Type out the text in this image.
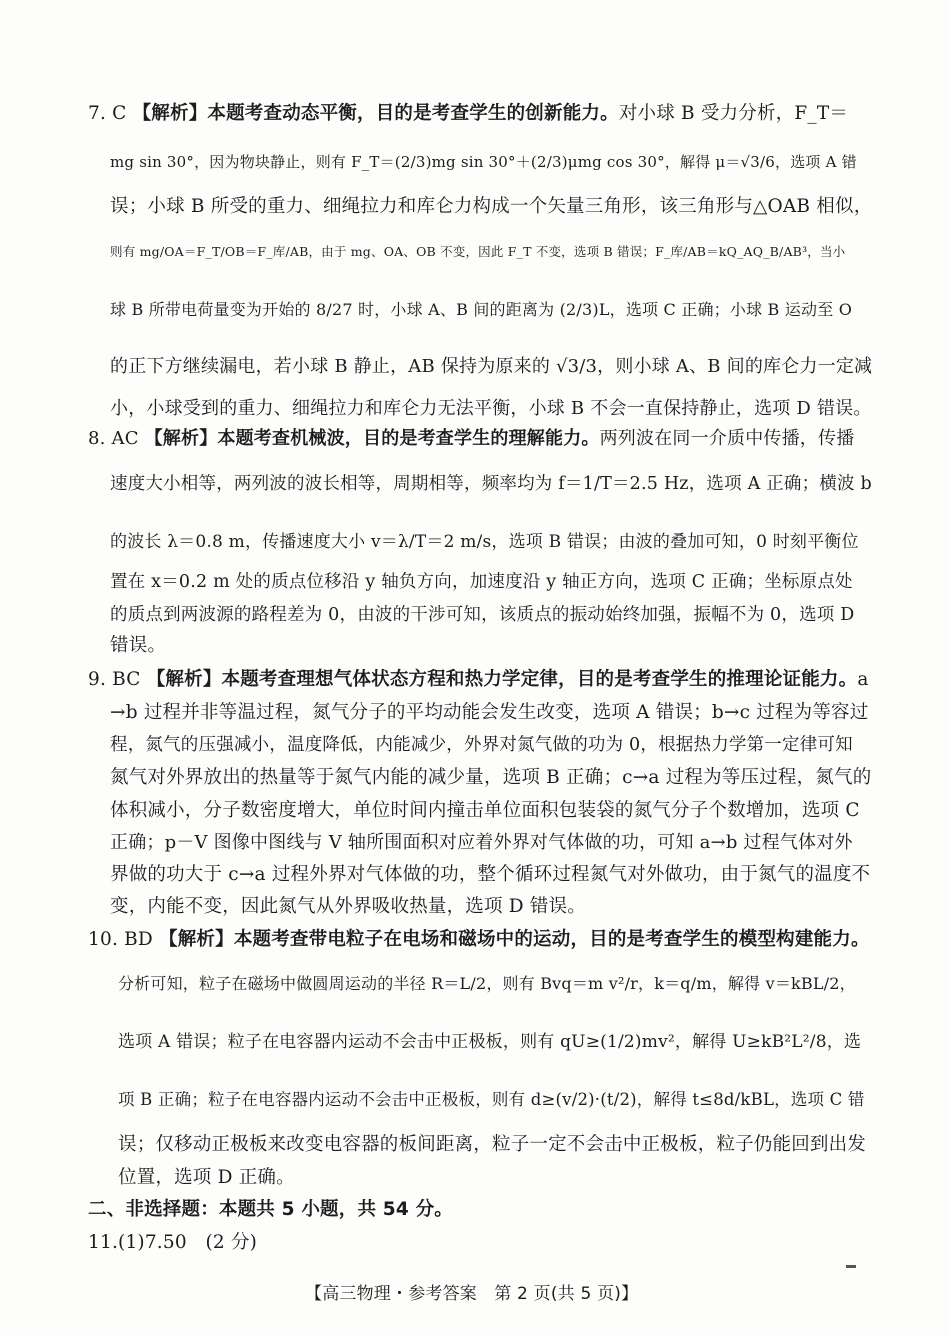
7. C 【解析】本题考查动态平衡，目的是考查学生的创新能力。对小球 B 受力分析，F_T＝
mg sin 30°，因为物块静止，则有 F_T＝(2/3)mg sin 30°＋(2/3)μmg cos 30°，解得 μ＝√3/6，选项 A 错
误；小球 B 所受的重力、细绳拉力和库仑力构成一个矢量三角形，该三角形与△OAB 相似，
则有 mg/OA＝F_T/OB＝F_库/AB，由于 mg、OA、OB 不变，因此 F_T 不变，选项 B 错误；F_库/AB＝kQ_AQ_B/AB³，当小
球 B 所带电荷量变为开始的 8/27 时，小球 A、B 间的距离为 (2/3)L，选项 C 正确；小球 B 运动至 O
的正下方继续漏电，若小球 B 静止，AB 保持为原来的 √3/3，则小球 A、B 间的库仑力一定减
小，小球受到的重力、细绳拉力和库仑力无法平衡，小球 B 不会一直保持静止，选项 D 错误。
8. AC 【解析】本题考查机械波，目的是考查学生的理解能力。两列波在同一介质中传播，传播
速度大小相等，两列波的波长相等，周期相等，频率均为 f＝1/T＝2.5 Hz，选项 A 正确；横波 b
的波长 λ＝0.8 m，传播速度大小 v＝λ/T＝2 m/s，选项 B 错误；由波的叠加可知，0 时刻平衡位
置在 x＝0.2 m 处的质点位移沿 y 轴负方向，加速度沿 y 轴正方向，选项 C 正确；坐标原点处
的质点到两波源的路程差为 0，由波的干涉可知，该质点的振动始终加强，振幅不为 0，选项 D
错误。
9. BC 【解析】本题考查理想气体状态方程和热力学定律，目的是考查学生的推理论证能力。a
→b 过程并非等温过程，氮气分子的平均动能会发生改变，选项 A 错误；b→c 过程为等容过
程，氮气的压强减小，温度降低，内能减少，外界对氮气做的功为 0，根据热力学第一定律可知
氮气对外界放出的热量等于氮气内能的减少量，选项 B 正确；c→a 过程为等压过程，氮气的
体积减小，分子数密度增大，单位时间内撞击单位面积包装袋的氮气分子个数增加，选项 C
正确；p－V 图像中图线与 V 轴所围面积对应着外界对气体做的功，可知 a→b 过程气体对外
界做的功大于 c→a 过程外界对气体做的功，整个循环过程氮气对外做功，由于氮气的温度不
变，内能不变，因此氮气从外界吸收热量，选项 D 错误。
10. BD 【解析】本题考查带电粒子在电场和磁场中的运动，目的是考查学生的模型构建能力。
分析可知，粒子在磁场中做圆周运动的半径 R＝L/2，则有 Bvq＝m v²/r，k＝q/m，解得 v＝kBL/2，
选项 A 错误；粒子在电容器内运动不会击中正极板，则有 qU≥(1/2)mv²，解得 U≥kB²L²/8，选
项 B 正确；粒子在电容器内运动不会击中正极板，则有 d≥(v/2)·(t/2)，解得 t≤8d/kBL，选项 C 错
误；仅移动正极板来改变电容器的板间距离，粒子一定不会击中正极板，粒子仍能回到出发
位置，选项 D 正确。
二、非选择题：本题共 5 小题，共 54 分。
11.(1)7.50　(2 分)
【高三物理・参考答案　第 2 页(共 5 页)】
